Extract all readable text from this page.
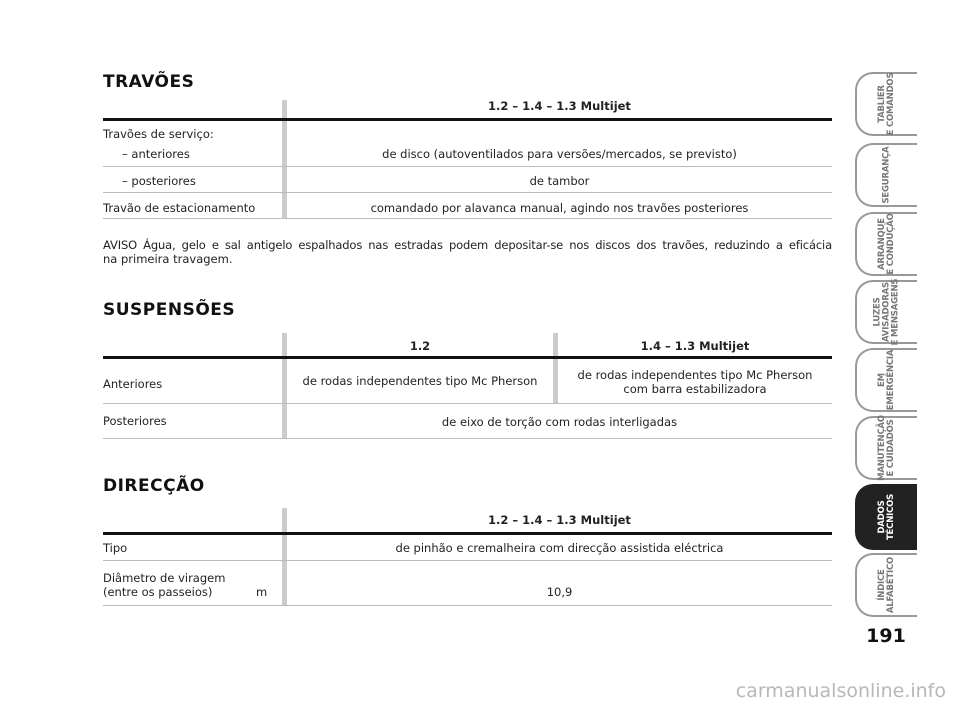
TRAVÕES
1.2 – 1.4 – 1.3 Multijet
Travões de serviço:
– anteriores	de disco (autoventilados para versões/mercados, se previsto)
– posteriores	de tambor
Travão de estacionamento	comandado por alavanca manual, agindo nos travões posteriores
AVISO Água, gelo e sal antigelo espalhados nas estradas podem depositar-se nos discos dos travões, reduzindo a eficácia
na primeira travagem.
SUSPENSÕES
1.2	1.4 – 1.3 Multijet
Anteriores	de rodas independentes tipo Mc Pherson	de rodas independentes tipo Mc Pherson
com barra estabilizadora
Posteriores	de eixo de torção com rodas interligadas
DIRECÇÃO
1.2 – 1.4 – 1.3 Multijet
Tipo	de pinhão e cremalheira com direcção assistida eléctrica
Diâmetro de viragem
(entre os passeios)	m	10,9
TABLIER
E COMANDOS
SEGURANÇA
ARRANQUE
E CONDUÇÃO
LUZES
AVISADORAS
E MENSAGENS
EM
EMERGÊNCIA
MANUTENÇÃO
E CUIDADOS
DADOS
TÉCNICOS
ÍNDICE
ALFABÉTICO
191
carmanualsonline.info
